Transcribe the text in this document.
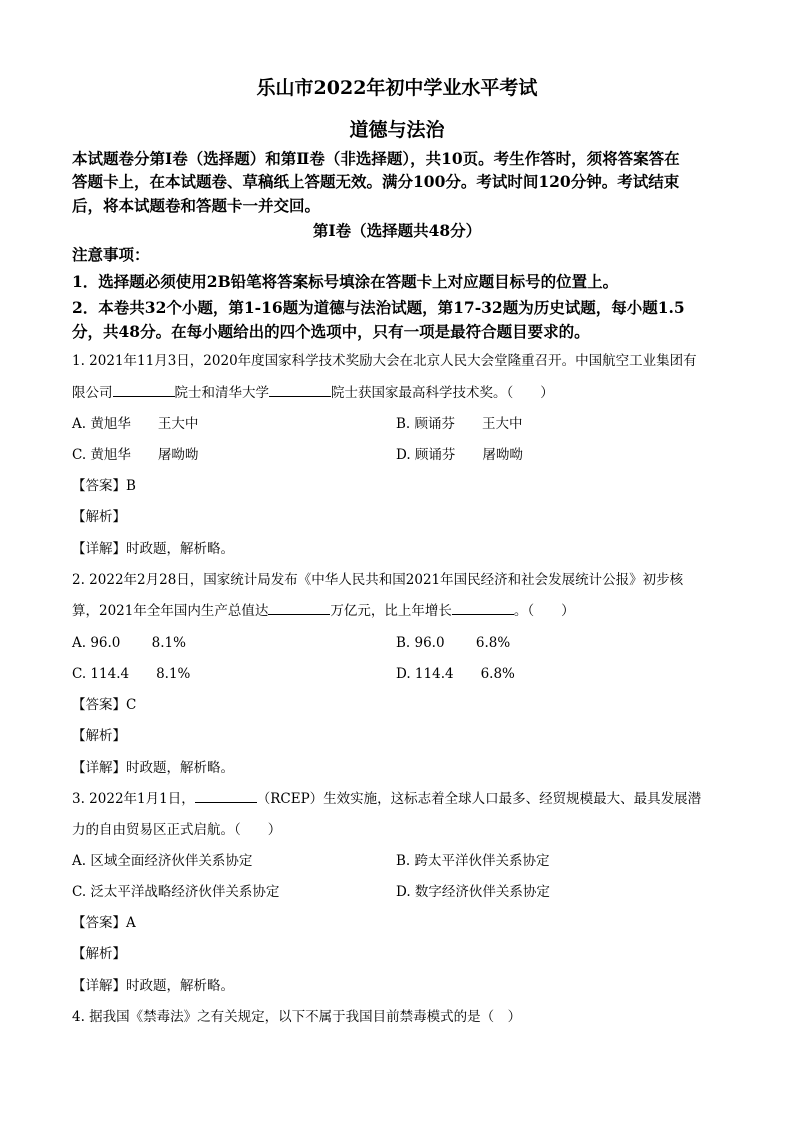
乐山市2022年初中学业水平考试
道德与法治
本试题卷分第Ⅰ卷（选择题）和第Ⅱ卷（非选择题），共10页。考生作答时，须将答案答在
答题卡上，在本试题卷、草稿纸上答题无效。满分100分。考试时间120分钟。考试结束
后，将本试题卷和答题卡一并交回。
第Ⅰ卷（选择题共48分）
注意事项：
1．选择题必须使用2B铅笔将答案标号填涂在答题卡上对应题目标号的位置上。
2．本卷共32个小题，第1-16题为道德与法治试题，第17-32题为历史试题，每小题1.5
分，共48分。在每小题给出的四个选项中，只有一项是最符合题目要求的。
1. 2021年11月3日，2020年度国家科学技术奖励大会在北京人民大会堂隆重召开。中国航空工业集团有
限公司	院士和清华大学	院士获国家最高科学技术奖。（　　）
A. 黄旭华　　王大中	B. 顾诵芬　　王大中
C. 黄旭华　　屠呦呦	D. 顾诵芬　　屠呦呦
【答案】B
【解析】
【详解】时政题，解析略。
2. 2022年2月28日，国家统计局发布《中华人民共和国2021年国民经济和社会发展统计公报》初步核
算，2021年全年国内生产总值达	万亿元，比上年增长	。（　　）
A. 96.0　　 8.1%	B. 96.0　　 6.8%
C. 114.4　　8.1%	D. 114.4　　6.8%
【答案】C
【解析】
【详解】时政题，解析略。
3. 2022年1月1日，	（RCEP）生效实施，这标志着全球人口最多、经贸规模最大、最具发展潜
力的自由贸易区正式启航。（　　）
A. 区域全面经济伙伴关系协定	B. 跨太平洋伙伴关系协定
C. 泛太平洋战略经济伙伴关系协定	D. 数字经济伙伴关系协定
【答案】A
【解析】
【详解】时政题，解析略。
4. 据我国《禁毒法》之有关规定，以下不属于我国目前禁毒模式的是（　）
